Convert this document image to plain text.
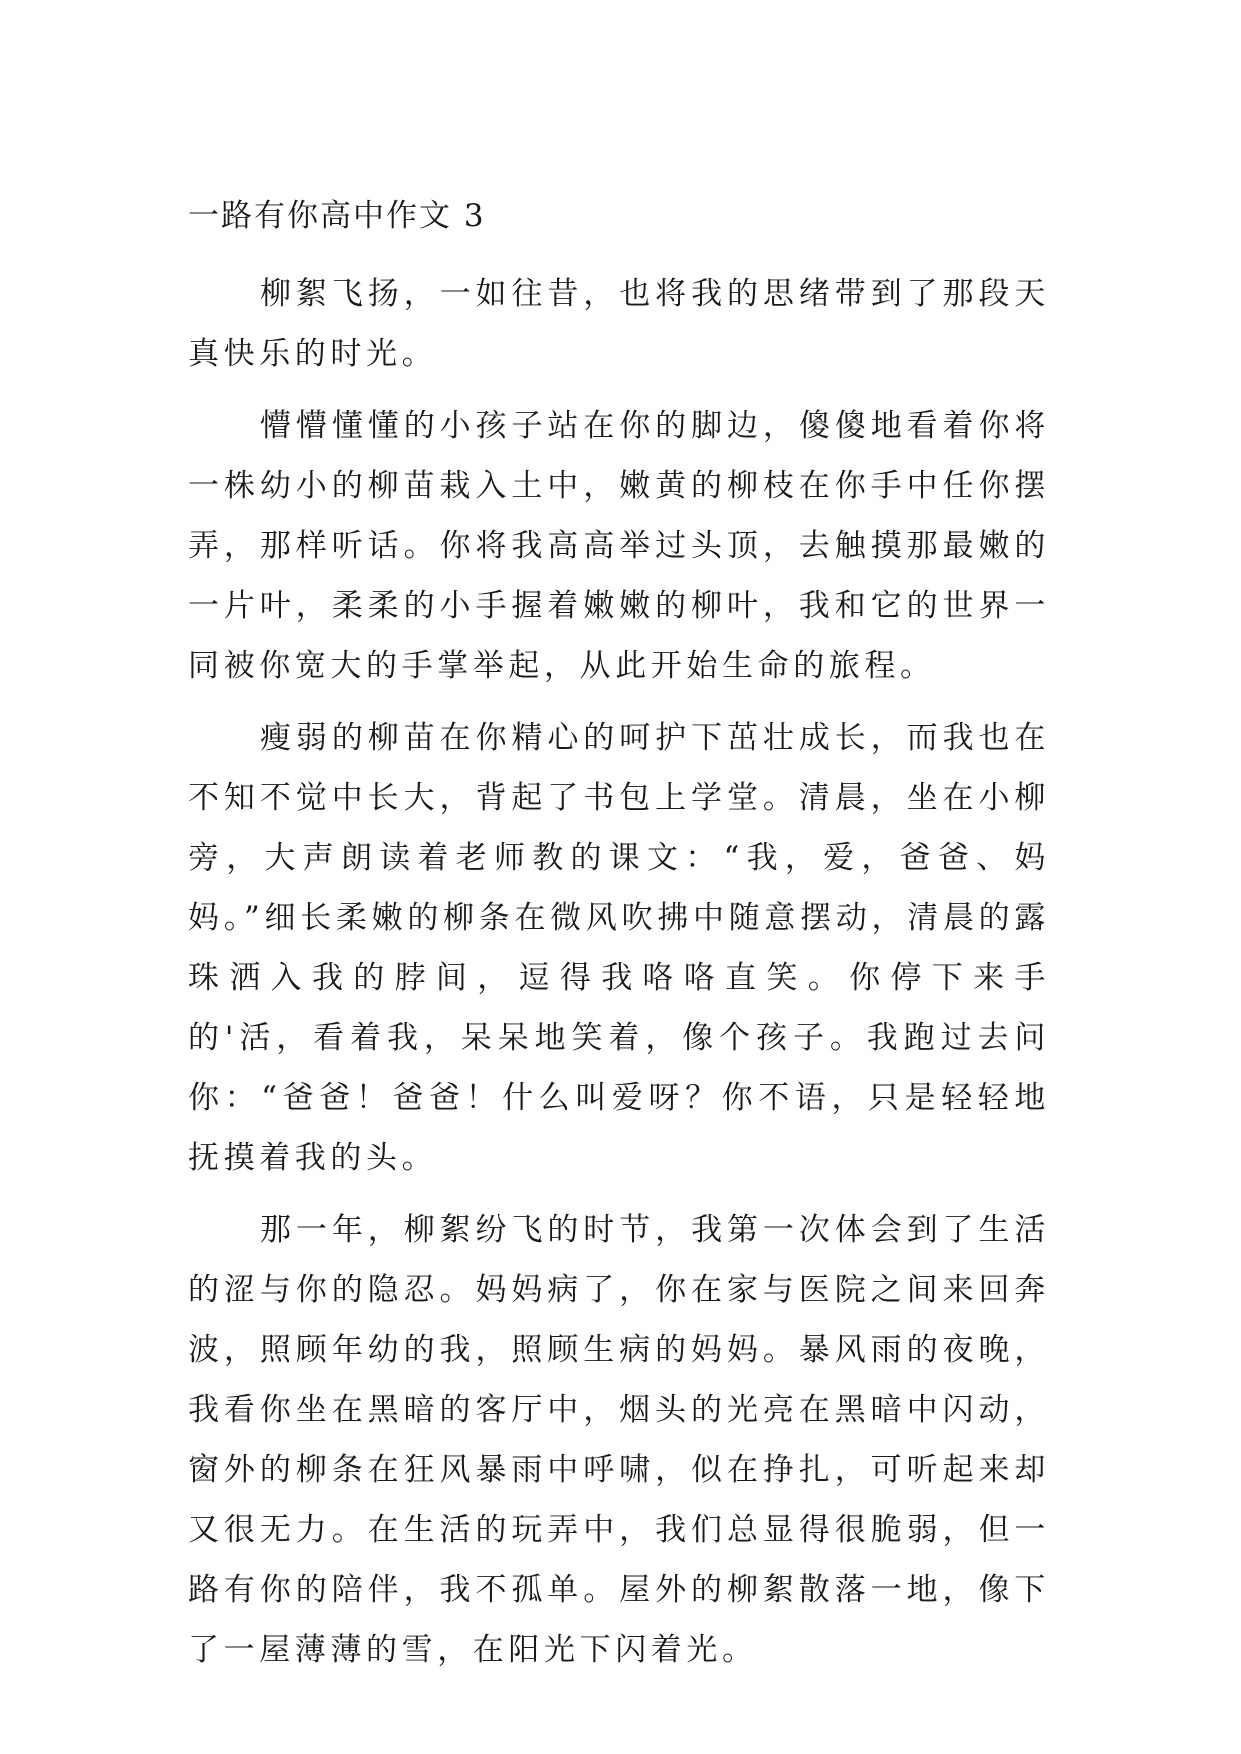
一路有你高中作文 3

柳絮飞扬，一如往昔，也将我的思绪带到了那段天真快乐的时光。

懵懵懂懂的小孩子站在你的脚边，傻傻地看着你将一株幼小的柳苗栽入土中，嫩黄的柳枝在你手中任你摆弄，那样听话。你将我高高举过头顶，去触摸那最嫩的一片叶，柔柔的小手握着嫩嫩的柳叶，我和它的世界一同被你宽大的手掌举起，从此开始生命的旅程。

瘦弱的柳苗在你精心的呵护下茁壮成长，而我也在不知不觉中长大，背起了书包上学堂。清晨，坐在小柳旁，大声朗读着老师教的课文：“我，爱，爸爸、妈妈。”细长柔嫩的柳条在微风吹拂中随意摆动，清晨的露珠洒入我的脖间，逗得我咯咯直笑。你停下来手的'活，看着我，呆呆地笑着，像个孩子。我跑过去问你：“爸爸！爸爸！什么叫爱呀？你不语，只是轻轻地抚摸着我的头。

那一年，柳絮纷飞的时节，我第一次体会到了生活的涩与你的隐忍。妈妈病了，你在家与医院之间来回奔波，照顾年幼的我，照顾生病的妈妈。暴风雨的夜晚，我看你坐在黑暗的客厅中，烟头的光亮在黑暗中闪动，窗外的柳条在狂风暴雨中呼啸，似在挣扎，可听起来却又很无力。在生活的玩弄中，我们总显得很脆弱，但一路有你的陪伴，我不孤单。屋外的柳絮散落一地，像下了一屋薄薄的雪，在阳光下闪着光。
